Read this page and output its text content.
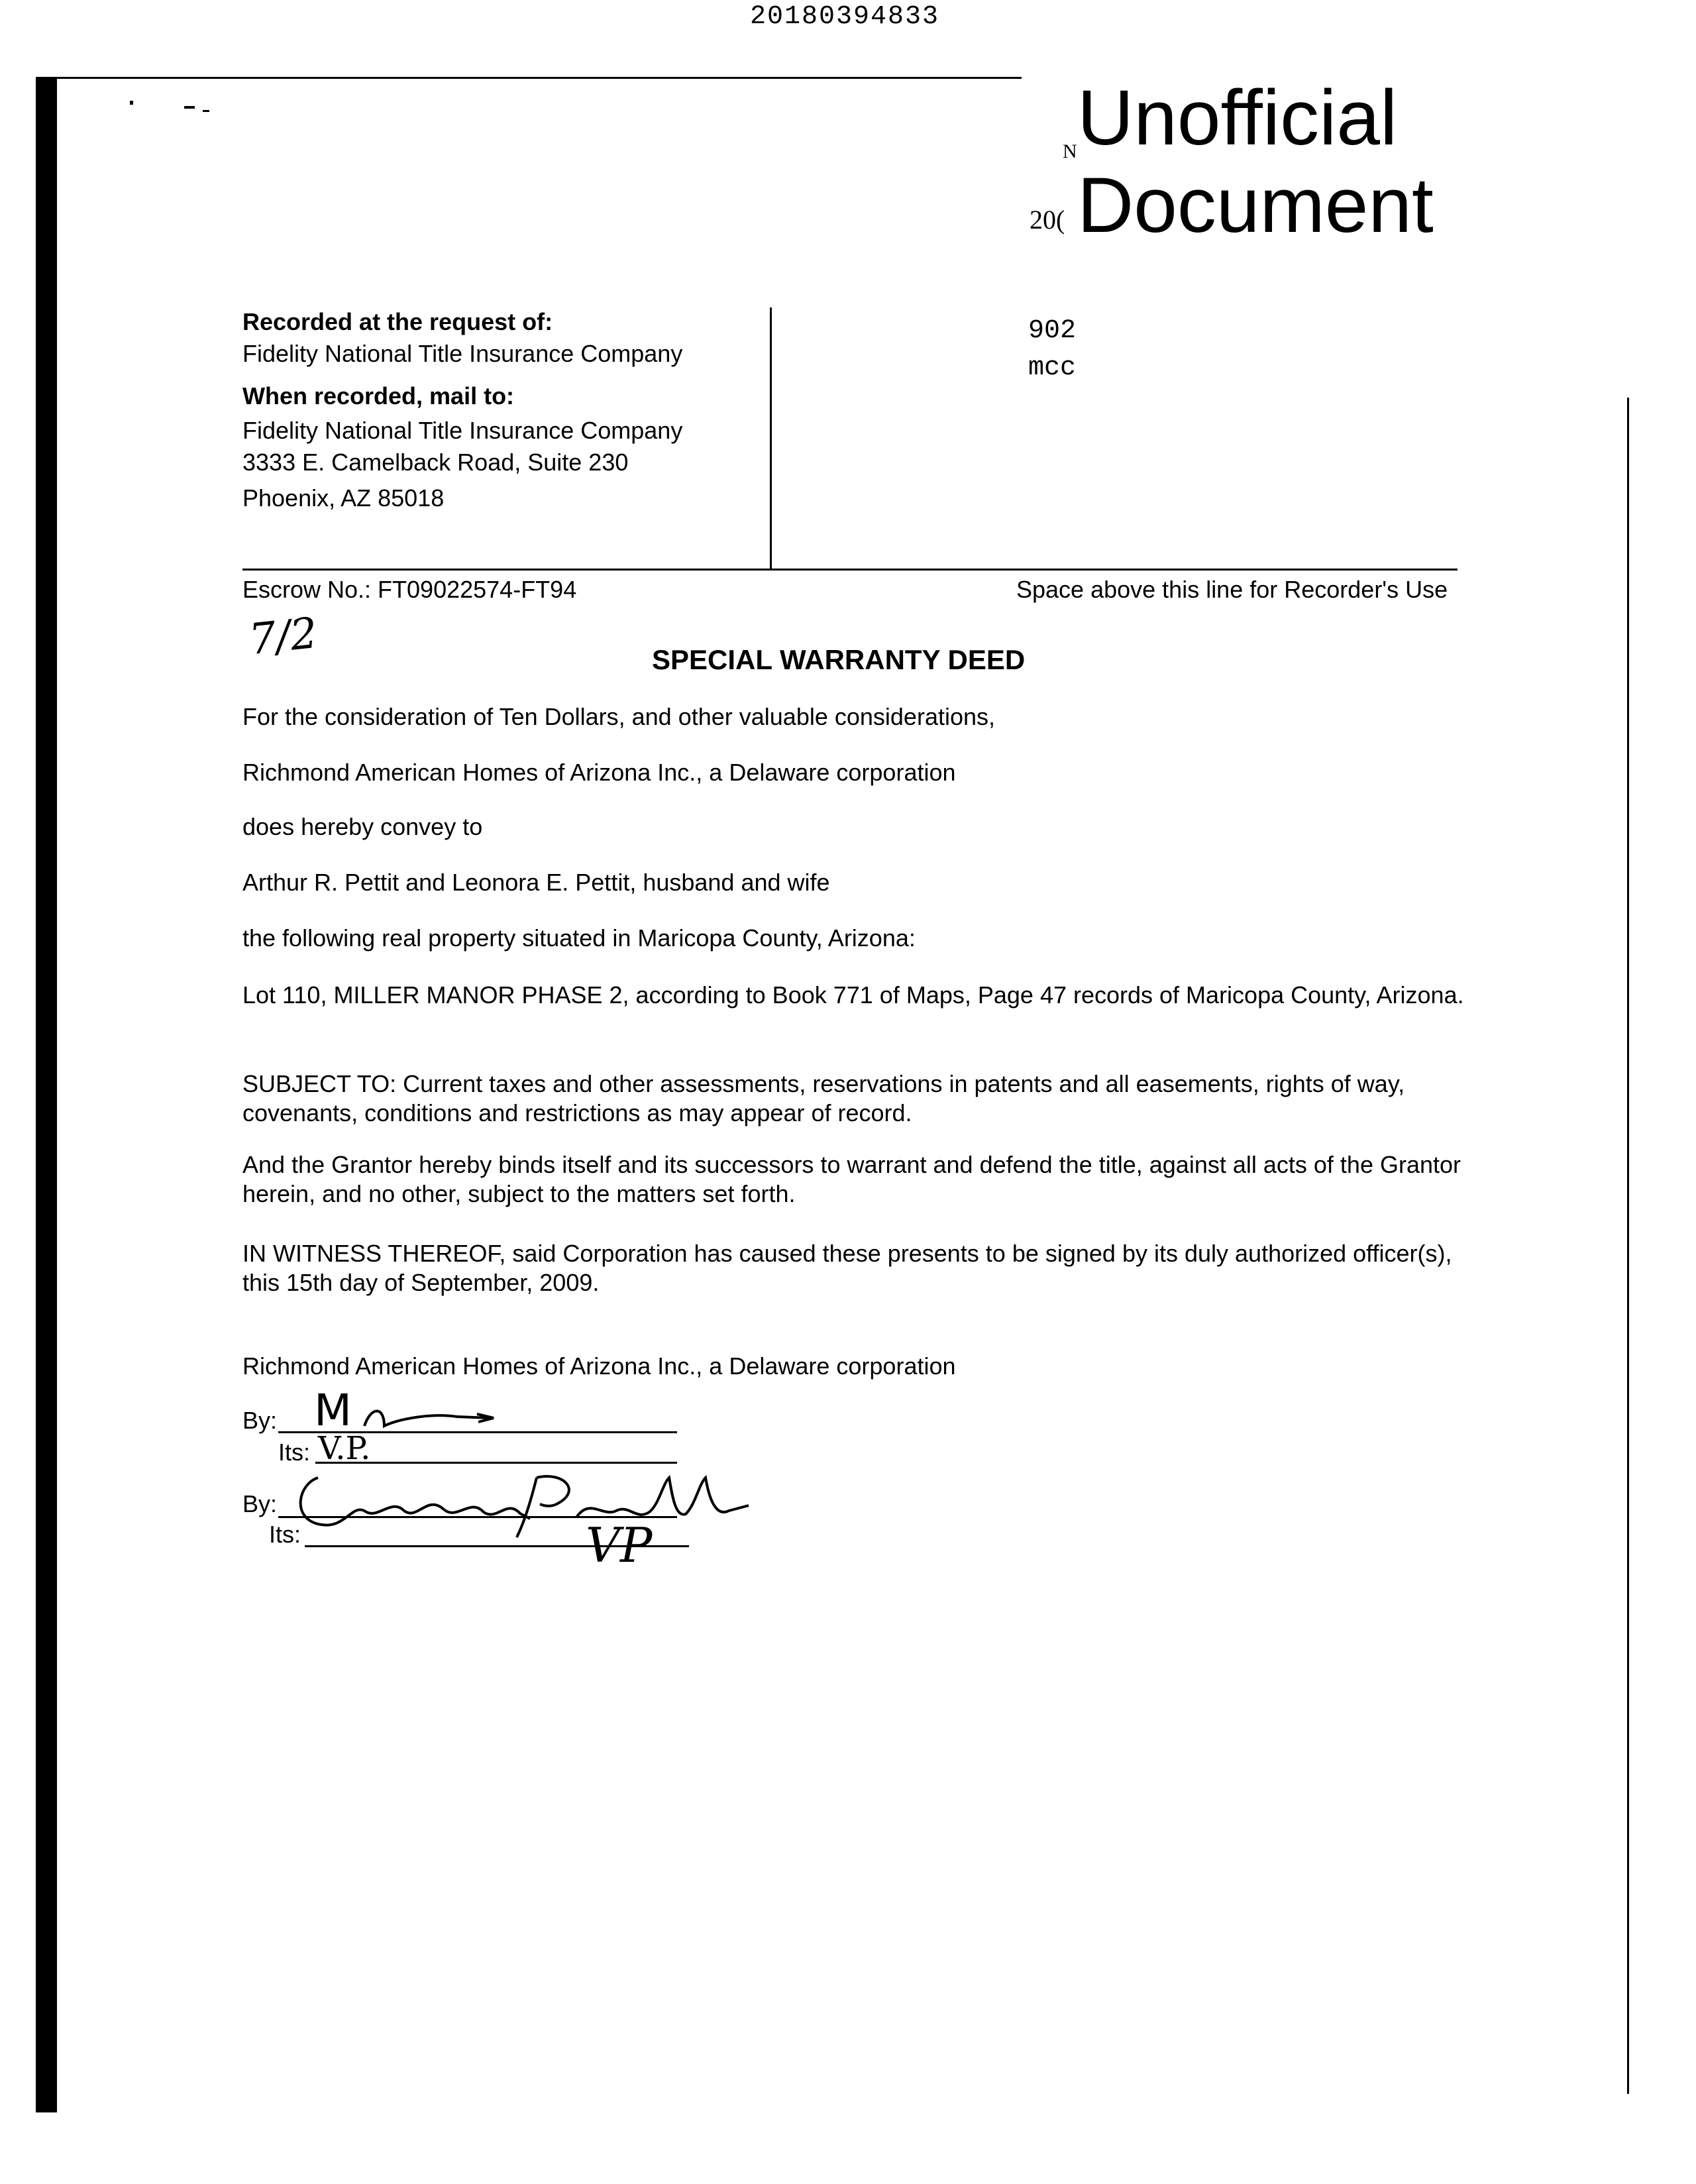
20180394833
N Unofficial
20( Document
902
mcc
Recorded at the request of:
Fidelity National Title Insurance Company
When recorded, mail to:
Fidelity National Title Insurance Company
3333 E. Camelback Road, Suite 230
Phoenix, AZ 85018
Escrow No.: FT09022574-FT94	Space above this line for Recorder's Use
7/2	SPECIAL WARRANTY DEED
For the consideration of Ten Dollars, and other valuable considerations,
Richmond American Homes of Arizona Inc., a Delaware corporation
does hereby convey to
Arthur R. Pettit and Leonora E. Pettit, husband and wife
the following real property situated in Maricopa County, Arizona:
Lot 110, MILLER MANOR PHASE 2, according to Book 771 of Maps, Page 47 records of Maricopa County, Arizona.
SUBJECT TO: Current taxes and other assessments, reservations in patents and all easements, rights of way, covenants, conditions and restrictions as may appear of record.
And the Grantor hereby binds itself and its successors to warrant and defend the title, against all acts of the Grantor herein, and no other, subject to the matters set forth.
IN WITNESS THEREOF, said Corporation has caused these presents to be signed by its duly authorized officer(s), this 15th day of September, 2009.
Richmond American Homes of Arizona Inc., a Delaware corporation
By: M
Its: V.P.
By:
Its:	VP
